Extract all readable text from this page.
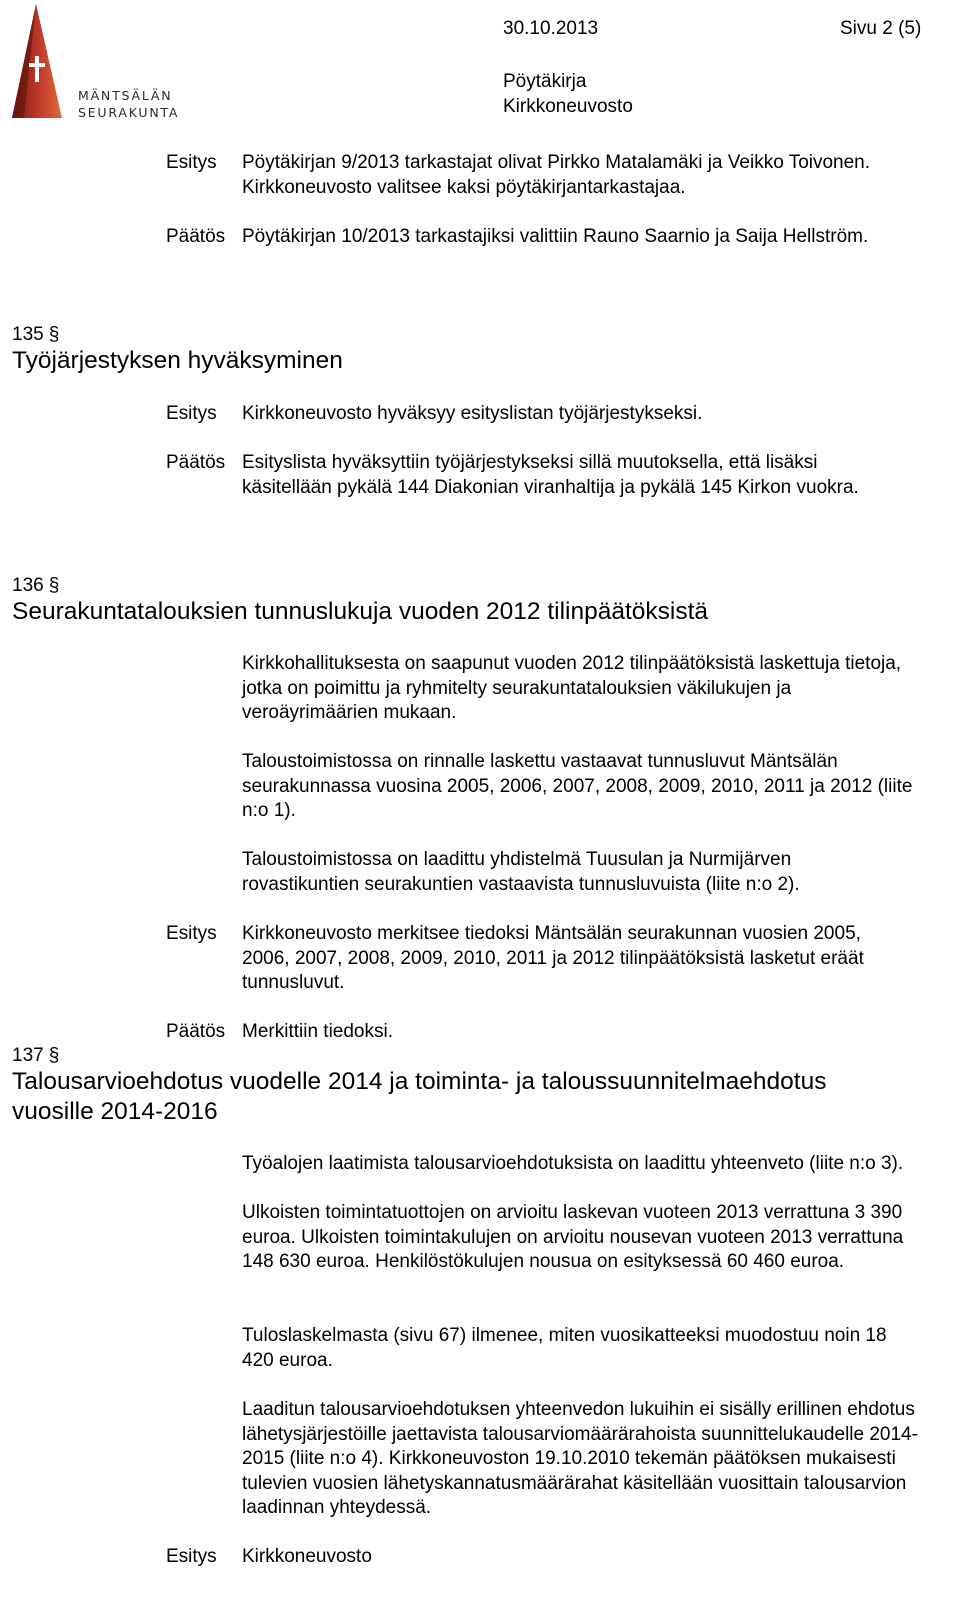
MÄNTSÄLÄN
SEURAKUNTA
30.10.2013	Sivu 2 (5)
Pöytäkirja
Kirkkoneuvosto
Esitys Pöytäkirjan 9/2013 tarkastajat olivat Pirkko Matalamäki ja Veikko Toivonen. Kirkkoneuvosto valitsee kaksi pöytäkirjantarkastajaa.

Päätös Pöytäkirjan 10/2013 tarkastajiksi valittiin Rauno Saarnio ja Saija Hellström.

135 §
Työjärjestyksen hyväksyminen
Esitys Kirkkoneuvosto hyväksyy esityslistan työjärjestykseksi.

Päätös Esityslista hyväksyttiin työjärjestykseksi sillä muutoksella, että lisäksi käsitellään pykälä 144 Diakonian viranhaltija ja pykälä 145 Kirkon vuokra.

136 §
Seurakuntatalouksien tunnuslukuja vuoden 2012 tilinpäätöksistä

Kirkkohallituksesta on saapunut vuoden 2012 tilinpäätöksistä laskettuja tietoja, jotka on poimittu ja ryhmitelty seurakuntatalouksien väkilukujen ja veroäyrimäärien mukaan.

Taloustoimistossa on rinnalle laskettu vastaavat tunnusluvut Mäntsälän seurakunnassa vuosina 2005, 2006, 2007, 2008, 2009, 2010, 2011 ja 2012 (liite n:o 1).

Taloustoimistossa on laadittu yhdistelmä Tuusulan ja Nurmijärven rovastikuntien seurakuntien vastaavista tunnusluvuista (liite n:o 2).

Esitys Kirkkoneuvosto merkitsee tiedoksi Mäntsälän seurakunnan vuosien 2005, 2006, 2007, 2008, 2009, 2010, 2011 ja 2012 tilinpäätöksistä lasketut eräät tunnusluvut.

Päätös Merkittiin tiedoksi.

137 §
Talousarvioehdotus vuodelle 2014 ja toiminta- ja taloussuunnitelmaehdotus
vuosille 2014-2016

Työalojen laatimista talousarvioehdotuksista on laadittu yhteenveto (liite n:o 3).

Ulkoisten toimintatuottojen on arvioitu laskevan vuoteen 2013 verrattuna 3 390 euroa. Ulkoisten toimintakulujen on arvioitu nousevan vuoteen 2013 verrattuna 148 630 euroa. Henkilöstökulujen nousua on esityksessä 60 460 euroa.

Tuloslaskelmasta (sivu 67) ilmenee, miten vuosikatteeksi muodostuu noin 18 420 euroa.

Laaditun talousarvioehdotuksen yhteenvedon lukuihin ei sisälly erillinen ehdotus lähetysjärjestöille jaettavista talousarviomäärärahoista suunnittelukaudelle 2014-2015 (liite n:o 4). Kirkkoneuvoston 19.10.2010 tekemän päätöksen mukaisesti tulevien vuosien lähetyskannatusmäärärahat käsitellään vuosittain talousarvion laadinnan yhteydessä.

Esitys Kirkkoneuvosto
